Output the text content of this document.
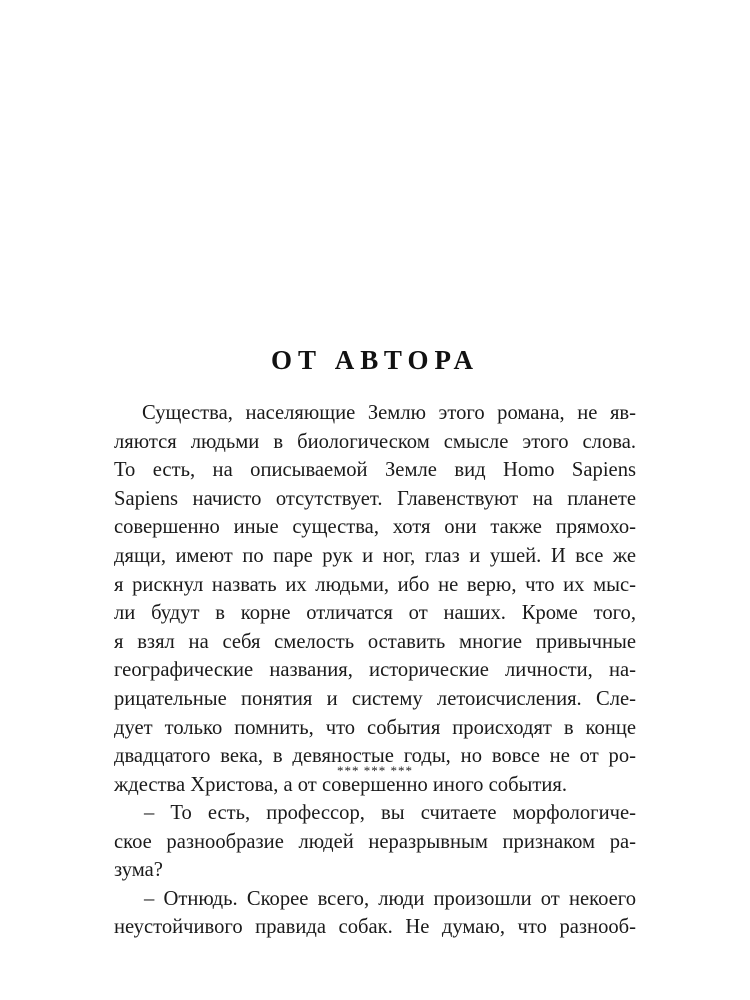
ОТ АВТОРА
Существа, населяющие Землю этого романа, не яв-
ляются людьми в биологическом смысле этого слова.
То есть, на описываемой Земле вид Homo Sapiens
Sapiens начисто отсутствует. Главенствуют на планете
совершенно иные существа, хотя они также прямохо-
дящи, имеют по паре рук и ног, глаз и ушей. И все же
я рискнул назвать их людьми, ибо не верю, что их мыс-
ли будут в корне отличатся от наших. Кроме того,
я взял на себя смелость оставить многие привычные
географические названия, исторические личности, на-
рицательные понятия и систему летоисчисления. Сле-
дует только помнить, что события происходят в конце
двадцатого века, в девяностые годы, но вовсе не от ро-
ждества Христова, а от совершенно иного события.
*** *** ***
– То есть, профессор, вы считаете морфологиче-
ское разнообразие людей неразрывным признаком ра-
зума?
– Отнюдь. Скорее всего, люди произошли от некоего
неустойчивого правида собак. Не думаю, что разнооб-
